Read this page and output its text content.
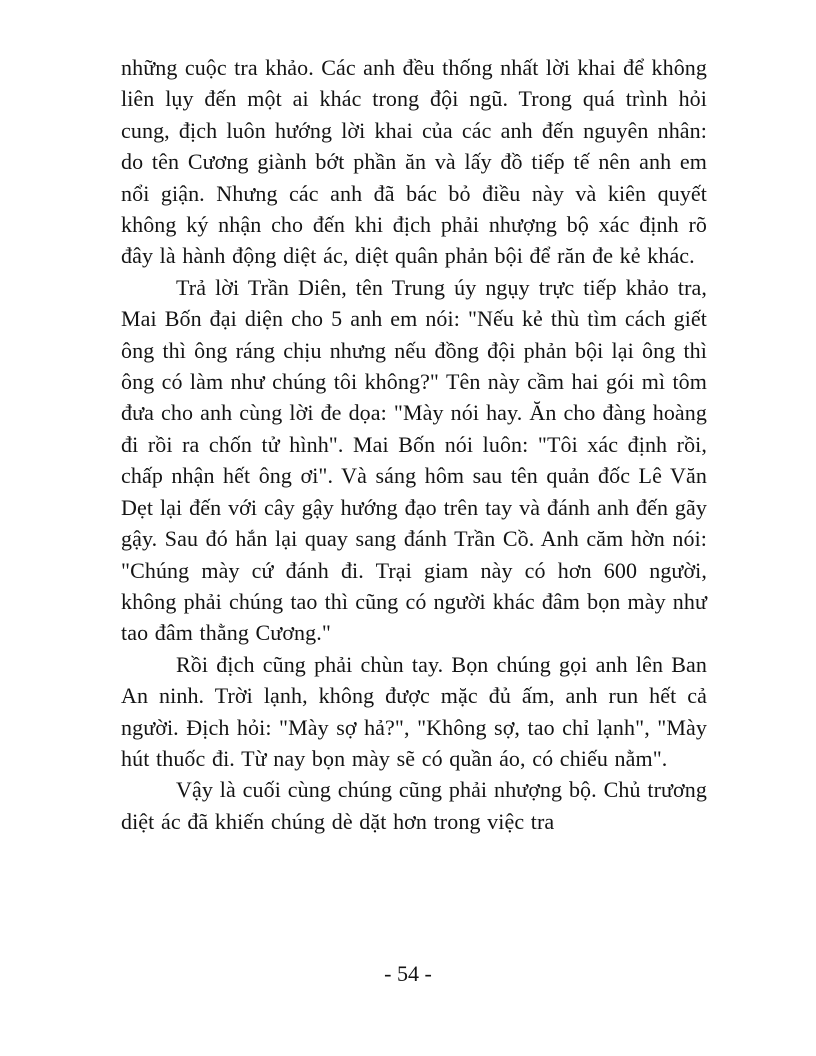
những cuộc tra khảo. Các anh đều thống nhất lời khai để không liên lụy đến một ai khác trong đội ngũ. Trong quá trình hỏi cung, địch luôn hướng lời khai của các anh đến nguyên nhân: do tên Cương giành bớt phần ăn và lấy đồ tiếp tế nên anh em nổi giận. Nhưng các anh đã bác bỏ điều này và kiên quyết không ký nhận cho đến khi địch phải nhượng bộ xác định rõ đây là hành động diệt ác, diệt quân phản bội để răn đe kẻ khác.

Trả lời Trần Diên, tên Trung úy ngụy trực tiếp khảo tra, Mai Bốn đại diện cho 5 anh em nói: "Nếu kẻ thù tìm cách giết ông thì ông ráng chịu nhưng nếu đồng đội phản bội lại ông thì ông có làm như chúng tôi không?" Tên này cầm hai gói mì tôm đưa cho anh cùng lời đe dọa: "Mày nói hay. Ăn cho đàng hoàng đi rồi ra chốn tử hình". Mai Bốn nói luôn: "Tôi xác định rồi, chấp nhận hết ông ơi". Và sáng hôm sau tên quản đốc Lê Văn Dẹt lại đến với cây gậy hướng đạo trên tay và đánh anh đến gãy gậy. Sau đó hắn lại quay sang đánh Trần Cồ. Anh căm hờn nói: "Chúng mày cứ đánh đi. Trại giam này có hơn 600 người, không phải chúng tao thì cũng có người khác đâm bọn mày như tao đâm thằng Cương."

Rồi địch cũng phải chùn tay. Bọn chúng gọi anh lên Ban An ninh. Trời lạnh, không được mặc đủ ấm, anh run hết cả người. Địch hỏi: "Mày sợ hả?", "Không sợ, tao chỉ lạnh", "Mày hút thuốc đi. Từ nay bọn mày sẽ có quần áo, có chiếu nằm".

Vậy là cuối cùng chúng cũng phải nhượng bộ. Chủ trương diệt ác đã khiến chúng dè dặt hơn trong việc tra

- 54 -
